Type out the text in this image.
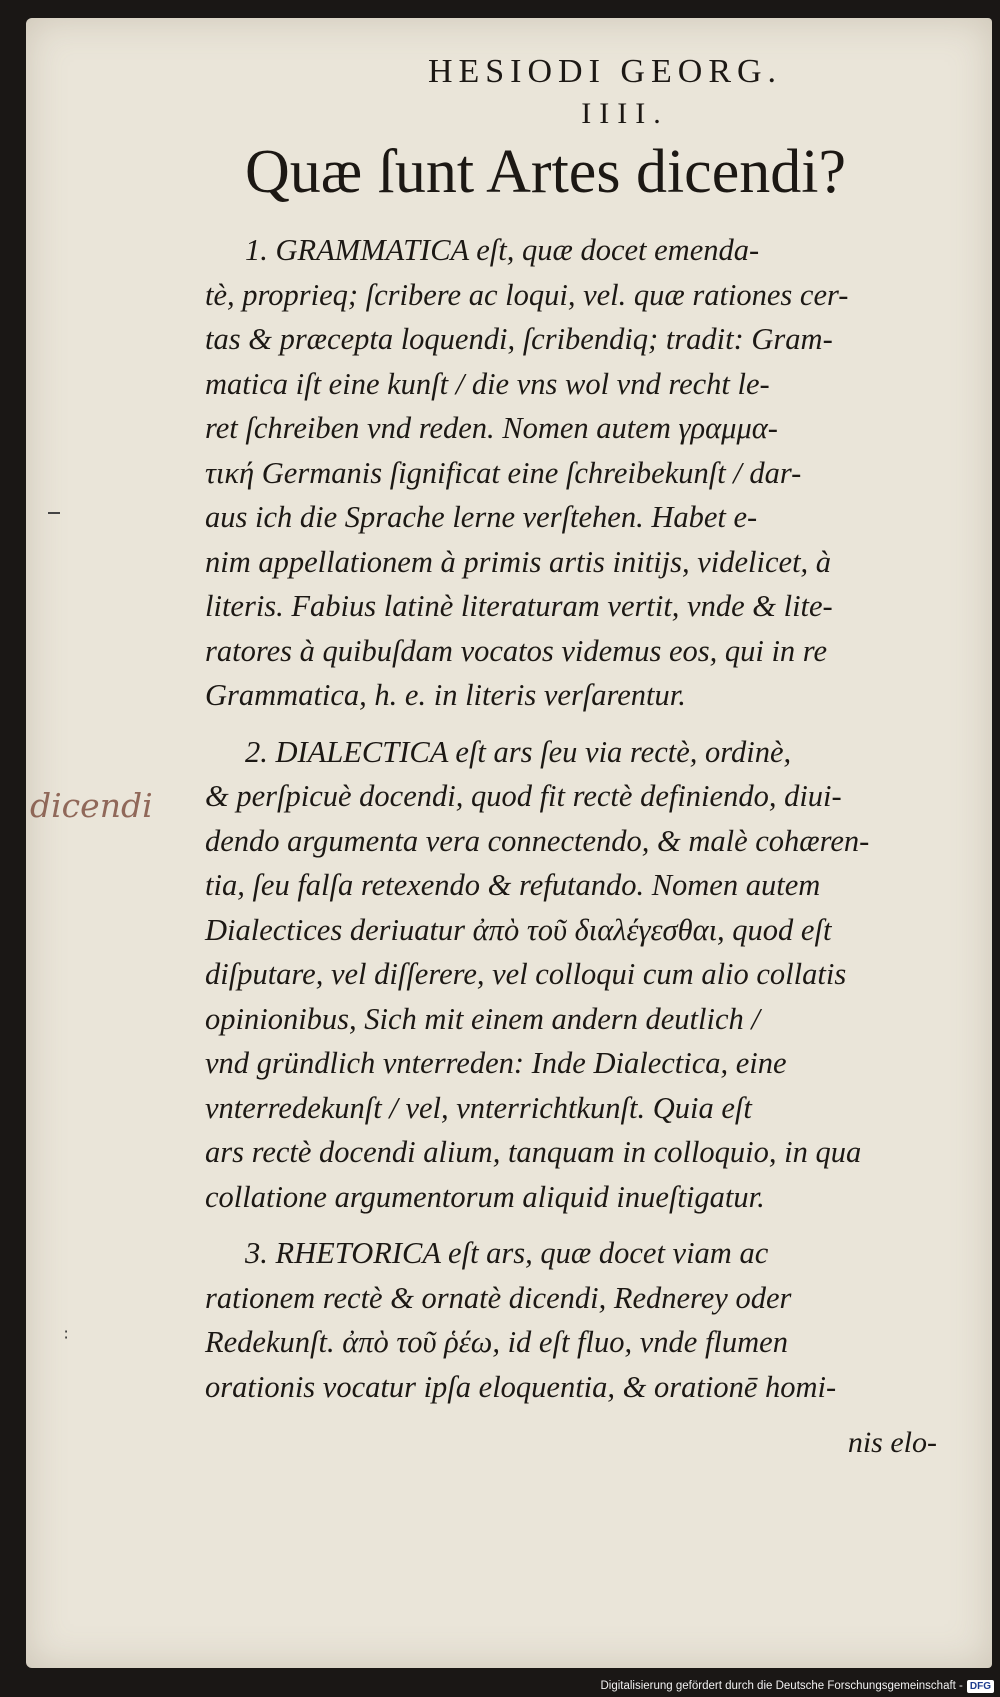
dicendi
∶
HESIODI GEORG.
IIII.
Quæ ſunt Artes dicendi?
1. GRAMMATICA eſt, quæ docet emenda-
tè, proprieq; ſcribere ac loqui, vel. quæ rationes cer-
tas & præcepta loquendi, ſcribendiq; tradit: Gram-
matica iſt eine kunſt / die vns wol vnd recht le-
ret ſchreiben vnd reden. Nomen autem γραμμα-
τική Germanis ſignificat eine ſchreibekunſt / dar-
aus ich die Sprache lerne verſtehen. Habet e-
nim appellationem à primis artis initijs, videlicet, à
literis. Fabius latinè literaturam vertit, vnde & lite-
ratores à quibuſdam vocatos videmus eos, qui in re
Grammatica, h. e. in literis verſarentur.
2. DIALECTICA eſt ars ſeu via rectè, ordinè,
& perſpicuè docendi, quod fit rectè definiendo, diui-
dendo argumenta vera connectendo, & malè cohæren-
tia, ſeu falſa retexendo & refutando. Nomen autem
Dialectices deriuatur ἀπὸ τοῦ διαλέγεσθαι, quod eſt
diſputare, vel diſſerere, vel colloqui cum alio collatis
opinionibus, Sich mit einem andern deutlich /
vnd gründlich vnterreden: Inde Dialectica, eine
vnterredekunſt / vel, vnterrichtkunſt. Quia eſt
ars rectè docendi alium, tanquam in colloquio, in qua
collatione argumentorum aliquid inueſtigatur.
3. RHETORICA eſt ars, quæ docet viam ac
rationem rectè & ornatè dicendi, Rednerey oder
Redekunſt. ἀπὸ τοῦ ῥέω, id eſt fluo, vnde flumen
orationis vocatur ipſa eloquentia, & orationē homi-
nis elo-
Digitalisierung gefördert durch die Deutsche Forschungsgemeinschaft - DFG
